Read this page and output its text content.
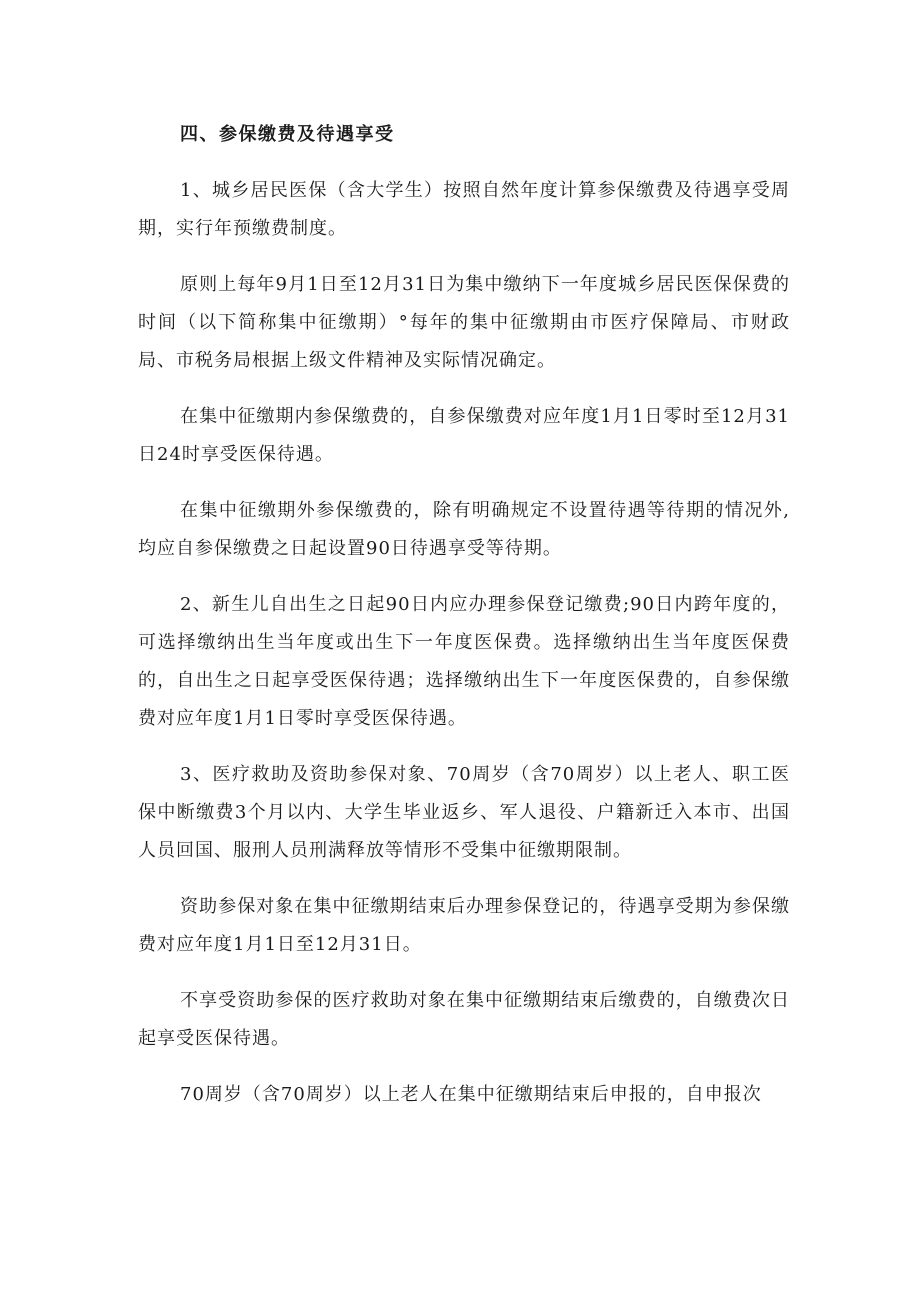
四、参保缴费及待遇享受

1、城乡居民医保（含大学生）按照自然年度计算参保缴费及待遇享受周期，实行年预缴费制度。

原则上每年9月1日至12月31日为集中缴纳下一年度城乡居民医保保费的时间（以下简称集中征缴期）°每年的集中征缴期由市医疗保障局、市财政局、市税务局根据上级文件精神及实际情况确定。

在集中征缴期内参保缴费的，自参保缴费对应年度1月1日零时至12月31日24时享受医保待遇。

在集中征缴期外参保缴费的，除有明确规定不设置待遇等待期的情况外,均应自参保缴费之日起设置90日待遇享受等待期。

2、新生儿自出生之日起90日内应办理参保登记缴费;90日内跨年度的，可选择缴纳出生当年度或出生下一年度医保费。选择缴纳出生当年度医保费的，自出生之日起享受医保待遇；选择缴纳出生下一年度医保费的，自参保缴费对应年度1月1日零时享受医保待遇。

3、医疗救助及资助参保对象、70周岁（含70周岁）以上老人、职工医保中断缴费3个月以内、大学生毕业返乡、军人退役、户籍新迁入本市、出国人员回国、服刑人员刑满释放等情形不受集中征缴期限制。

资助参保对象在集中征缴期结束后办理参保登记的，待遇享受期为参保缴费对应年度1月1日至12月31日。

不享受资助参保的医疗救助对象在集中征缴期结束后缴费的，自缴费次日起享受医保待遇。

70周岁（含70周岁）以上老人在集中征缴期结束后申报的，自申报次
